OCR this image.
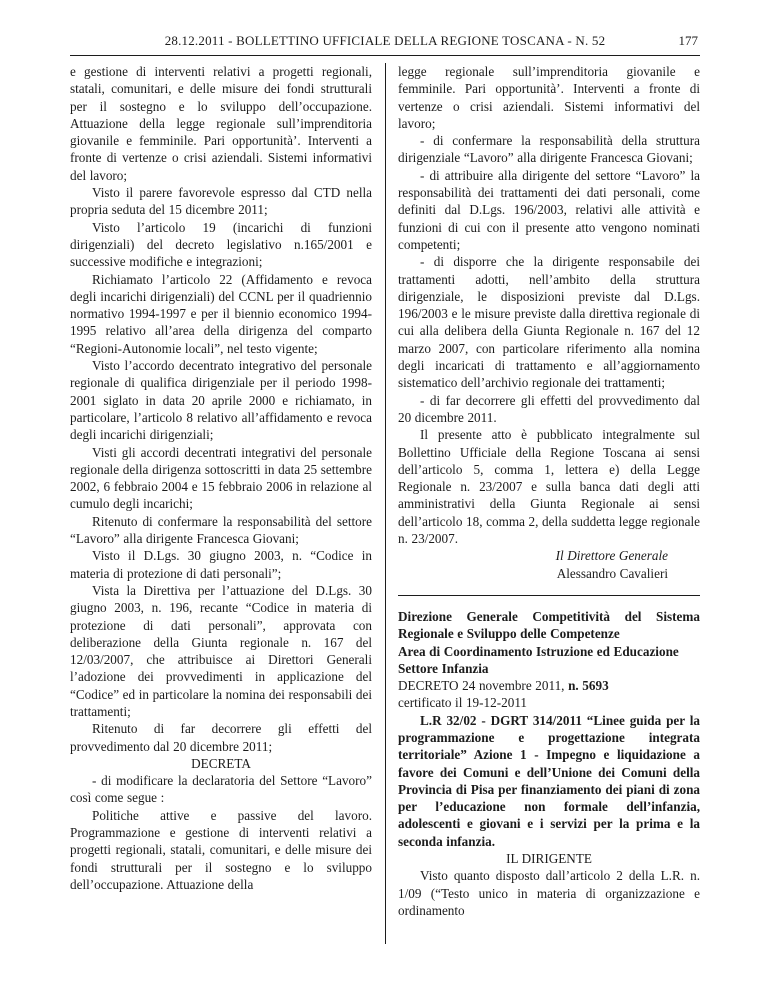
28.12.2011 - BOLLETTINO UFFICIALE DELLA REGIONE TOSCANA - N. 52	177

e gestione di interventi relativi a progetti regionali, statali, comunitari, e delle misure dei fondi strutturali per il sostegno e lo sviluppo dell’occupazione. Attuazione della legge regionale sull’imprenditoria giovanile e femminile. Pari opportunità’. Interventi a fronte di vertenze o crisi aziendali. Sistemi informativi del lavoro;

Visto il parere favorevole espresso dal CTD nella propria seduta del 15 dicembre 2011;

Visto l’articolo 19 (incarichi di funzioni dirigenziali) del decreto legislativo n.165/2001 e successive modifiche e integrazioni;

Richiamato l’articolo 22 (Affidamento e revoca degli incarichi dirigenziali) del CCNL per il quadriennio normativo 1994-1997 e per il biennio economico 1994-1995 relativo all’area della dirigenza del comparto “Regioni-Autonomie locali”, nel testo vigente;

Visto l’accordo decentrato integrativo del personale regionale di qualifica dirigenziale per il periodo 1998-2001 siglato in data 20 aprile 2000 e richiamato, in particolare, l’articolo 8 relativo all’affidamento e revoca degli incarichi dirigenziali;

Visti gli accordi decentrati integrativi del personale regionale della dirigenza sottoscritti in data 25 settembre 2002, 6 febbraio 2004 e 15 febbraio 2006 in relazione al cumulo degli incarichi;

Ritenuto di confermare la responsabilità del settore “Lavoro” alla dirigente Francesca Giovani;

Visto il D.Lgs. 30 giugno 2003, n. “Codice in materia di protezione di dati personali”;

Vista la Direttiva per l’attuazione del D.Lgs. 30 giugno 2003, n. 196, recante “Codice in materia di protezione di dati personali”, approvata con deliberazione della Giunta regionale n. 167 del 12/03/2007, che attribuisce ai Direttori Generali l’adozione dei provvedimenti in applicazione del “Codice” ed in particolare la nomina dei responsabili dei trattamenti;

Ritenuto di far decorrere gli effetti del provvedimento dal 20 dicembre 2011;

DECRETA

- di modificare la declaratoria del Settore “Lavoro” così come segue :

Politiche attive e passive del lavoro. Programmazione e gestione di interventi relativi a progetti regionali, statali, comunitari, e delle misure dei fondi strutturali per il sostegno e lo sviluppo dell’occupazione. Attuazione della

legge regionale sull’imprenditoria giovanile e femminile. Pari opportunità’. Interventi a fronte di vertenze o crisi aziendali. Sistemi informativi del lavoro;

- di confermare la responsabilità della struttura dirigenziale “Lavoro” alla dirigente Francesca Giovani;

- di attribuire alla dirigente del settore “Lavoro” la responsabilità dei trattamenti dei dati personali, come definiti dal D.Lgs. 196/2003, relativi alle attività e funzioni di cui con il presente atto vengono nominati competenti;

- di disporre che la dirigente responsabile dei trattamenti adotti, nell’ambito della struttura dirigenziale, le disposizioni previste dal D.Lgs. 196/2003 e le misure previste dalla direttiva regionale di cui alla delibera della Giunta Regionale n. 167 del 12 marzo 2007, con particolare riferimento alla nomina degli incaricati di trattamento e all’aggiornamento sistematico dell’archivio regionale dei trattamenti;

- di far decorrere gli effetti del provvedimento dal 20 dicembre 2011.

Il presente atto è pubblicato integralmente sul Bollettino Ufficiale della Regione Toscana ai sensi dell’articolo 5, comma 1, lettera e) della Legge Regionale n. 23/2007 e sulla banca dati degli atti amministrativi della Giunta Regionale ai sensi dell’articolo 18, comma 2, della suddetta legge regionale n. 23/2007.

Il Direttore Generale

Alessandro Cavalieri

Direzione Generale Competitività del Sistema Regionale e Sviluppo delle Competenze

Area di Coordinamento Istruzione ed Educazione

Settore Infanzia

DECRETO 24 novembre 2011, n. 5693

certificato il 19-12-2011

L.R 32/02 - DGRT 314/2011 “Linee guida per la programmazione e progettazione integrata territoriale” Azione 1 - Impegno e liquidazione a favore dei Comuni e dell’Unione dei Comuni della Provincia di Pisa per finanziamento dei piani di zona per l’educazione non formale dell’infanzia, adolescenti e giovani e i servizi per la prima e la seconda infanzia.

IL DIRIGENTE

Visto quanto disposto dall’articolo 2 della L.R. n. 1/09 (“Testo unico in materia di organizzazione e ordinamento
